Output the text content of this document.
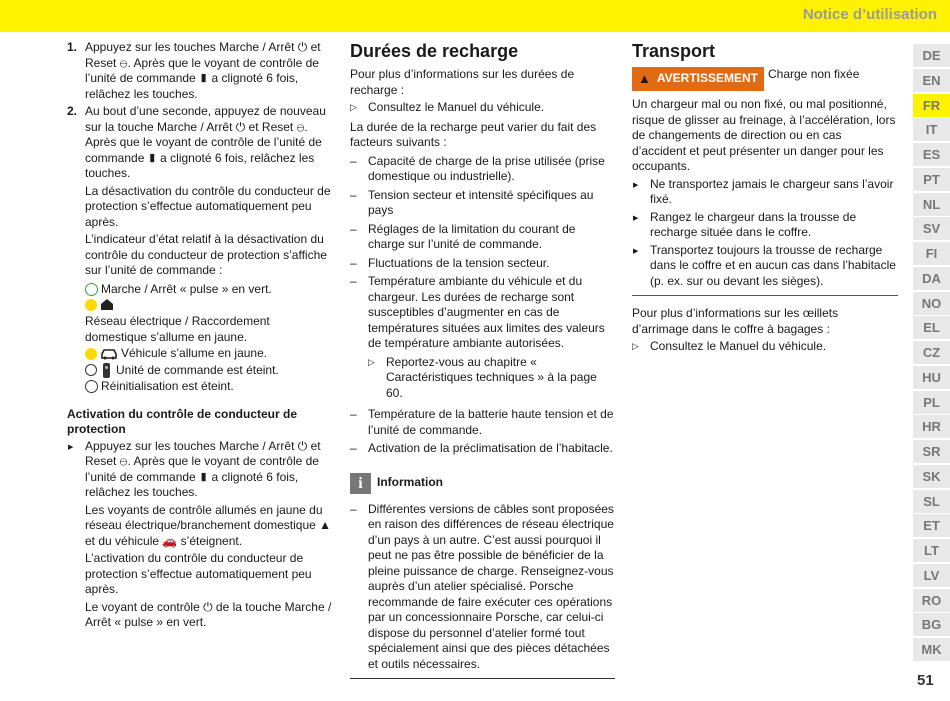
Notice d’utilisation
1. Appuyez sur les touches Marche / Arrêt ⏻ et Reset ⊖. Après que le voyant de contrôle de l’unité de commande ▮ a clignoté 6 fois, relâchez les touches.
2. Au bout d’une seconde, appuyez de nouveau sur la touche Marche / Arrêt ⏻ et Reset ⊖. Après que le voyant de contrôle de l’unité de commande ▮ a clignoté 6 fois, relâchez les touches.
La désactivation du contrôle du conducteur de protection s’effectue automatiquement peu après.
L’indicateur d’état relatif à la désactivation du contrôle du conducteur de protection s’affiche sur l’unité de commande :
Marche / Arrêt « pulse » en vert.
Réseau électrique / Raccordement domestique s’allume en jaune.
Véhicule s’allume en jaune.
Unité de commande est éteint.
Réinitialisation est éteint.
Activation du contrôle de conducteur de protection
▶ Appuyez sur les touches Marche / Arrêt ⏻ et Reset ⊖. Après que le voyant de contrôle de l’unité de commande ▮ a clignoté 6 fois, relâchez les touches.
Les voyants de contrôle allumés en jaune du réseau électrique/branchement domestique ▲ et du véhicule 🚗 s’éteignent.
L’activation du contrôle du conducteur de protection s’effectue automatiquement peu après.
Le voyant de contrôle ⏻ de la touche Marche / Arrêt « pulse » en vert.
Durées de recharge
Pour plus d’informations sur les durées de recharge :
▷ Consultez le Manuel du véhicule.

La durée de la recharge peut varier du fait des facteurs suivants :

– Capacité de charge de la prise utilisée (prise domestique ou industrielle).
– Tension secteur et intensité spécifiques au pays
– Réglages de la limitation du courant de charge sur l’unité de commande.
– Fluctuations de la tension secteur.
– Température ambiante du véhicule et du chargeur. Les durées de recharge sont susceptibles d’augmenter en cas de températures situées aux limites des valeurs de température ambiante autorisées.
▷ Reportez-vous au chapitre « Caractéristiques techniques » à la page 60.
– Température de la batterie haute tension et de l’unité de commande.
– Activation de la préclimatisation de l’habitacle.
i	Information
– Différentes versions de câbles sont proposées en raison des différences de réseau électrique d’un pays à un autre. C’est aussi pourquoi il peut ne pas être possible de bénéficier de la pleine puissance de charge. Renseignez-vous auprès d’un atelier spécialisé. Porsche recommande de faire exécuter ces opérations par un concessionnaire Porsche, car celui-ci dispose du personnel d’atelier formé tout spécialement ainsi que des pièces détachées et outils nécessaires.
Transport
▲ AVERTISSEMENT Charge non fixée
Un chargeur mal ou non fixé, ou mal positionné, risque de glisser au freinage, à l’accélération, lors de changements de direction ou en cas d’accident et peut présenter un danger pour les occupants.
▶ Ne transportez jamais le chargeur sans l’avoir fixé.
▶ Rangez le chargeur dans la trousse de recharge située dans le coffre.
▶ Transportez toujours la trousse de recharge dans le coffre et en aucun cas dans l’habitacle (p. ex. sur ou devant les sièges).
Pour plus d’informations sur les œillets d’arrimage dans le coffre à bagages :
▷ Consultez le Manuel du véhicule.
DE
EN
FR
IT
ES
PT
NL
SV
FI
DA
NO
EL
CZ
HU
PL
HR
SR
SK
SL
ET
LT
LV
RO
BG
MK
51
